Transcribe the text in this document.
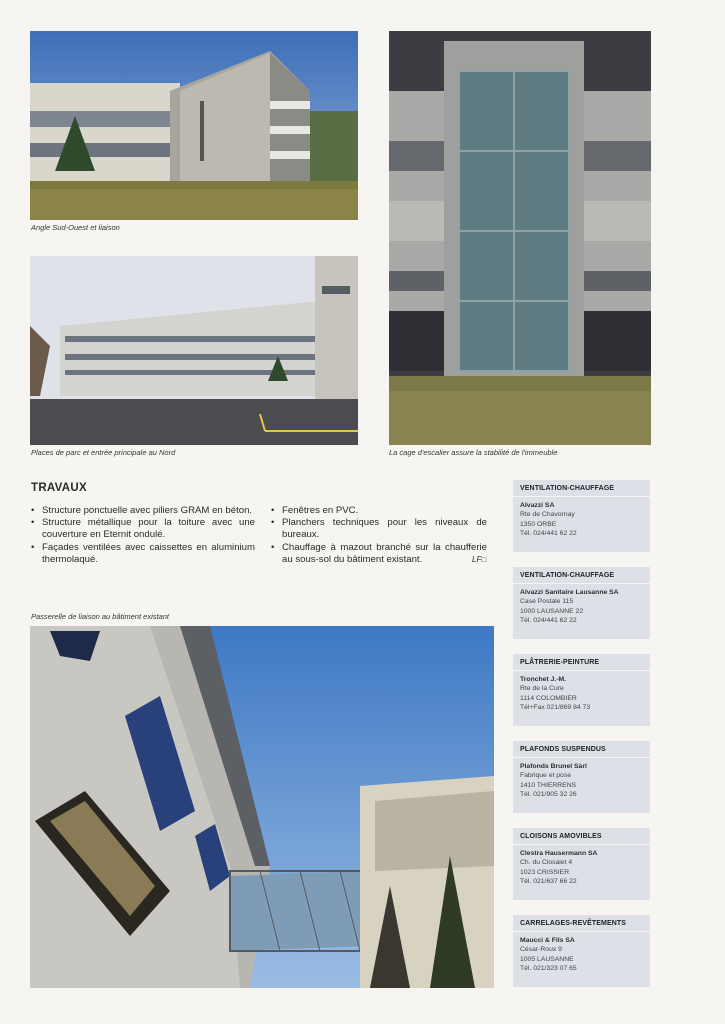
Angle Sud-Ouest et liaison
Places de parc et entrée principale au Nord	La cage d'escalier assure la stabilité de l'immeuble
TRAVAUX
• Structure ponctuelle avec piliers GRAM en béton.
• Structure métallique pour la toiture avec une couverture en Eternit ondulé.
• Façades ventilées avec caissettes en aluminium thermolaqué.
• Fenêtres en PVC.
• Planchers techniques pour les niveaux de bureaux.
• Chauffage à mazout branché sur la chaufferie au sous-sol du bâtiment existant.	LF□
Passerelle de liaison au bâtiment existant
VENTILATION-CHAUFFAGE
Alvazzi SA
Rte de Chavornay
1350 ORBE
Tél. 024/441 62 22
VENTILATION-CHAUFFAGE
Alvazzi Sanitaire Lausanne SA
Case Postale 115
1000 LAUSANNE 22
Tél. 024/441 62 22
PLÂTRERIE-PEINTURE
Tronchet J.-M.
Rte de la Cure
1114 COLOMBIER
Tél+Fax 021/869 84 73
PLAFONDS SUSPENDUS
Plafonds Brunel Sàrl
Fabrique et pose
1410 THIERRENS
Tél. 021/905 32 26
CLOISONS AMOVIBLES
Clestra Hausermann SA
Ch. du Closalet 4
1023 CRISSIER
Tél. 021/637 66 22
CARRELAGES-REVÊTEMENTS
Maucci & Fils SA
César-Roux 9
1005 LAUSANNE
Tél. 021/323 07 65
